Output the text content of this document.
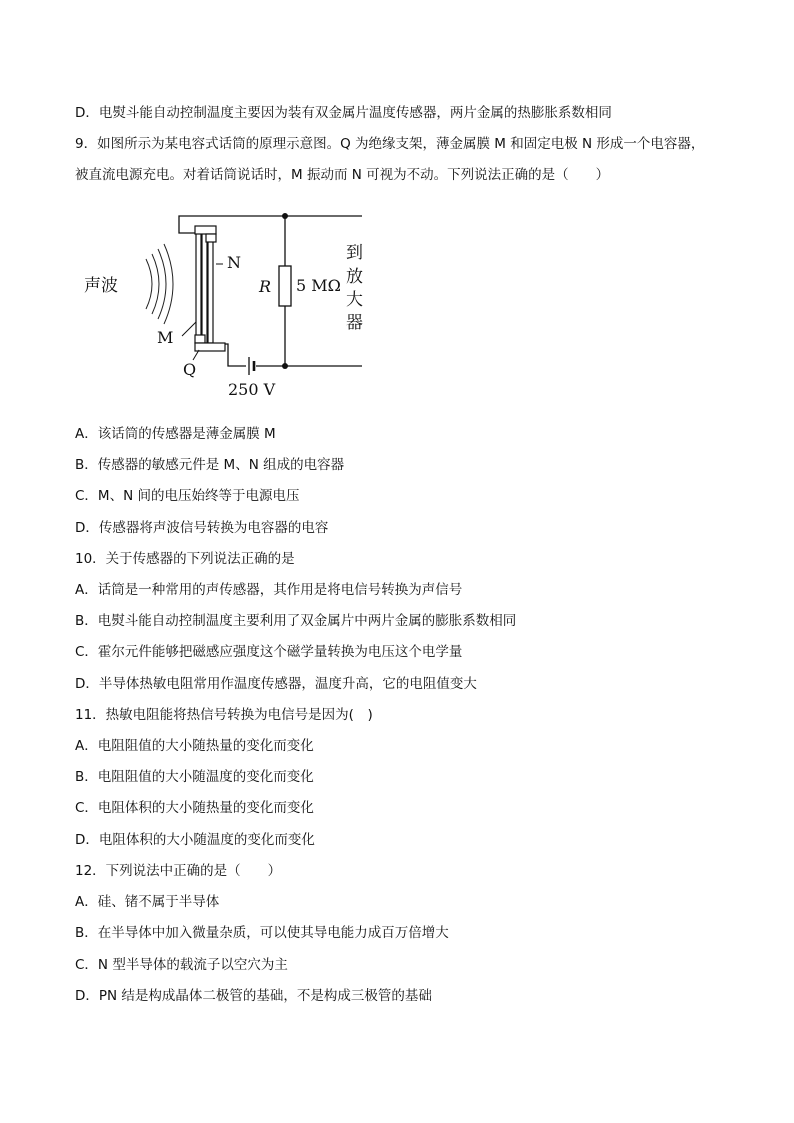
D．电熨斗能自动控制温度主要因为装有双金属片温度传感器，两片金属的热膨胀系数相同
9．如图所示为某电容式话筒的原理示意图。Q 为绝缘支架，薄金属膜 M 和固定电极 N 形成一个电容器，
被直流电源充电。对着话筒说话时，M 振动而 N 可视为不动。下列说法正确的是（　　）
声波	R 5 MΩ
N
M
Q
250 V
到
放
大
器
A．该话筒的传感器是薄金属膜 M
B．传感器的敏感元件是 M、N 组成的电容器
C．M、N 间的电压始终等于电源电压
D．传感器将声波信号转换为电容器的电容
10．关于传感器的下列说法正确的是
A．话筒是一种常用的声传感器，其作用是将电信号转换为声信号
B．电熨斗能自动控制温度主要利用了双金属片中两片金属的膨胀系数相同
C．霍尔元件能够把磁感应强度这个磁学量转换为电压这个电学量
D．半导体热敏电阻常用作温度传感器，温度升高，它的电阻值变大
11．热敏电阻能将热信号转换为电信号是因为(　)
A．电阻阻值的大小随热量的变化而变化
B．电阻阻值的大小随温度的变化而变化
C．电阻体积的大小随热量的变化而变化
D．电阻体积的大小随温度的变化而变化
12．下列说法中正确的是（　　）
A．硅、锗不属于半导体
B．在半导体中加入微量杂质，可以使其导电能力成百万倍增大
C．N 型半导体的载流子以空穴为主
D．PN 结是构成晶体二极管的基础，不是构成三极管的基础
